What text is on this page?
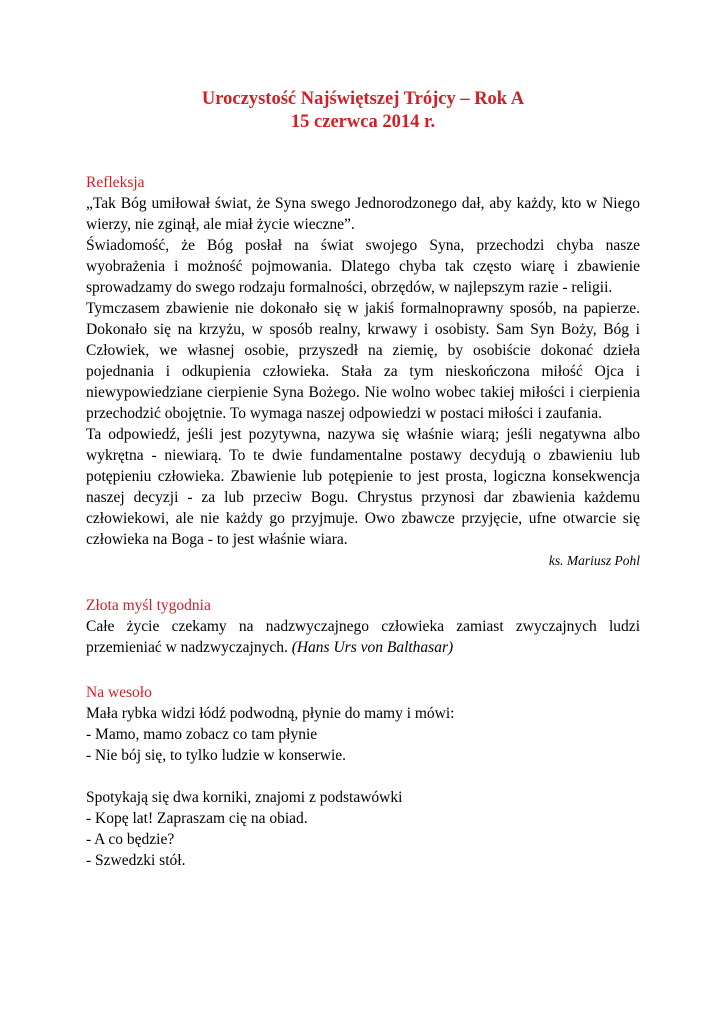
Uroczystość Najświętszej Trójcy – Rok A

15 czerwca 2014 r.

Refleksja

„Tak Bóg umiłował świat, że Syna swego Jednorodzonego dał, aby każdy, kto w Niego wierzy, nie zginął, ale miał życie wieczne”.

Świadomość, że Bóg posłał na świat swojego Syna, przechodzi chyba nasze wyobrażenia i możność pojmowania. Dlatego chyba tak często wiarę i zbawienie sprowadzamy do swego rodzaju formalności, obrzędów, w najlepszym razie - religii.

Tymczasem zbawienie nie dokonało się w jakiś formalnoprawny sposób, na papierze. Dokonało się na krzyżu, w sposób realny, krwawy i osobisty. Sam Syn Boży, Bóg i Człowiek, we własnej osobie, przyszedł na ziemię, by osobiście dokonać dzieła pojednania i odkupienia człowieka. Stała za tym nieskończona miłość Ojca i niewypowiedziane cierpienie Syna Bożego. Nie wolno wobec takiej miłości i cierpienia przechodzić obojętnie. To wymaga naszej odpowiedzi w postaci miłości i zaufania.

Ta odpowiedź, jeśli jest pozytywna, nazywa się właśnie wiarą; jeśli negatywna albo wykrętna - niewiarą. To te dwie fundamentalne postawy decydują o zbawieniu lub potępieniu człowieka. Zbawienie lub potępienie to jest prosta, logiczna konsekwencja naszej decyzji - za lub przeciw Bogu. Chrystus przynosi dar zbawienia każdemu człowiekowi, ale nie każdy go przyjmuje. Owo zbawcze przyjęcie, ufne otwarcie się człowieka na Boga - to jest właśnie wiara.

ks. Mariusz Pohl

Złota myśl tygodnia

Całe życie czekamy na nadzwyczajnego człowieka zamiast zwyczajnych ludzi przemieniać w nadzwyczajnych. (Hans Urs von Balthasar)

Na wesoło

Mała rybka widzi łódź podwodną, płynie do mamy i mówi:

- Mamo, mamo zobacz co tam płynie

- Nie bój się, to tylko ludzie w konserwie.

Spotykają się dwa korniki, znajomi z podstawówki

- Kopę lat! Zapraszam cię na obiad.

- A co będzie?

- Szwedzki stół.
